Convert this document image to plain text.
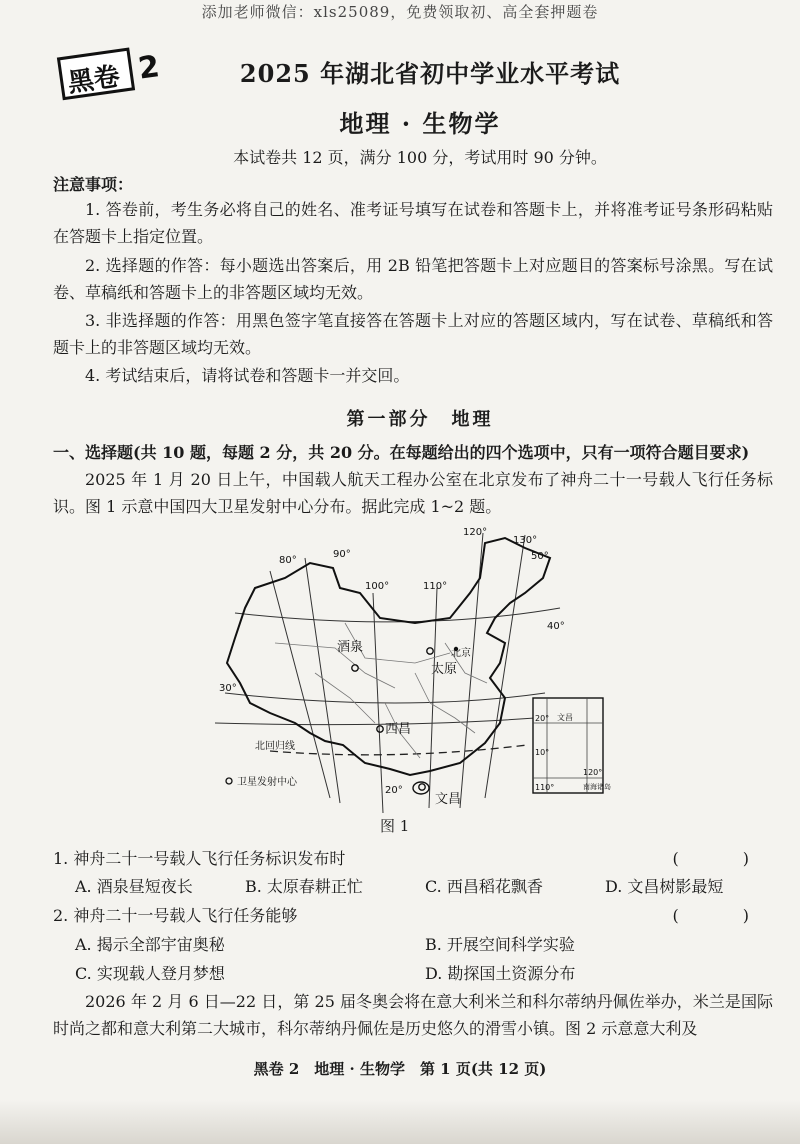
添加老师微信：xls25089，免费领取初、高全套押题卷
黑卷 2	2025 年湖北省初中学业水平考试
地理 · 生物学
本试卷共 12 页，满分 100 分，考试用时 90 分钟。
注意事项：
1. 答卷前，考生务必将自己的姓名、准考证号填写在试卷和答题卡上，并将准考证号条形码粘贴在答题卡上指定位置。
2. 选择题的作答：每小题选出答案后，用 2B 铅笔把答题卡上对应题目的答案标号涂黑。写在试卷、草稿纸和答题卡上的非答题区域均无效。
3. 非选择题的作答：用黑色签字笔直接答在答题卡上对应的答题区域内，写在试卷、草稿纸和答题卡上的非答题区域均无效。
4. 考试结束后，请将试卷和答题卡一并交回。
第一部分　地理
一、选择题(共 10 题，每题 2 分，共 20 分。在每题给出的四个选项中，只有一项符合题目要求)
2025 年 1 月 20 日上午，中国载人航天工程办公室在北京发布了神舟二十一号载人飞行任务标识。图 1 示意中国四大卫星发射中心分布。据此完成 1~2 题。
80°
90°
100°	110°
120°
130°
50°
40°
30°
20°
酒泉	北京
太原
西昌
文昌
北回归线
卫星发射中心
20° 文昌
10°
120°
110°	南海诸岛
图 1
1. 神舟二十一号载人飞行任务标识发布时	(　)
A. 酒泉昼短夜长	B. 太原春耕正忙	C. 西昌稻花飘香	D. 文昌树影最短
2. 神舟二十一号载人飞行任务能够	(　)
A. 揭示全部宇宙奥秘	B. 开展空间科学实验
C. 实现载人登月梦想	D. 勘探国土资源分布
2026 年 2 月 6 日—22 日，第 25 届冬奥会将在意大利米兰和科尔蒂纳丹佩佐举办，米兰是国际时尚之都和意大利第二大城市，科尔蒂纳丹佩佐是历史悠久的滑雪小镇。图 2 示意意大利及
黑卷 2　地理 · 生物学　第 1 页(共 12 页)
